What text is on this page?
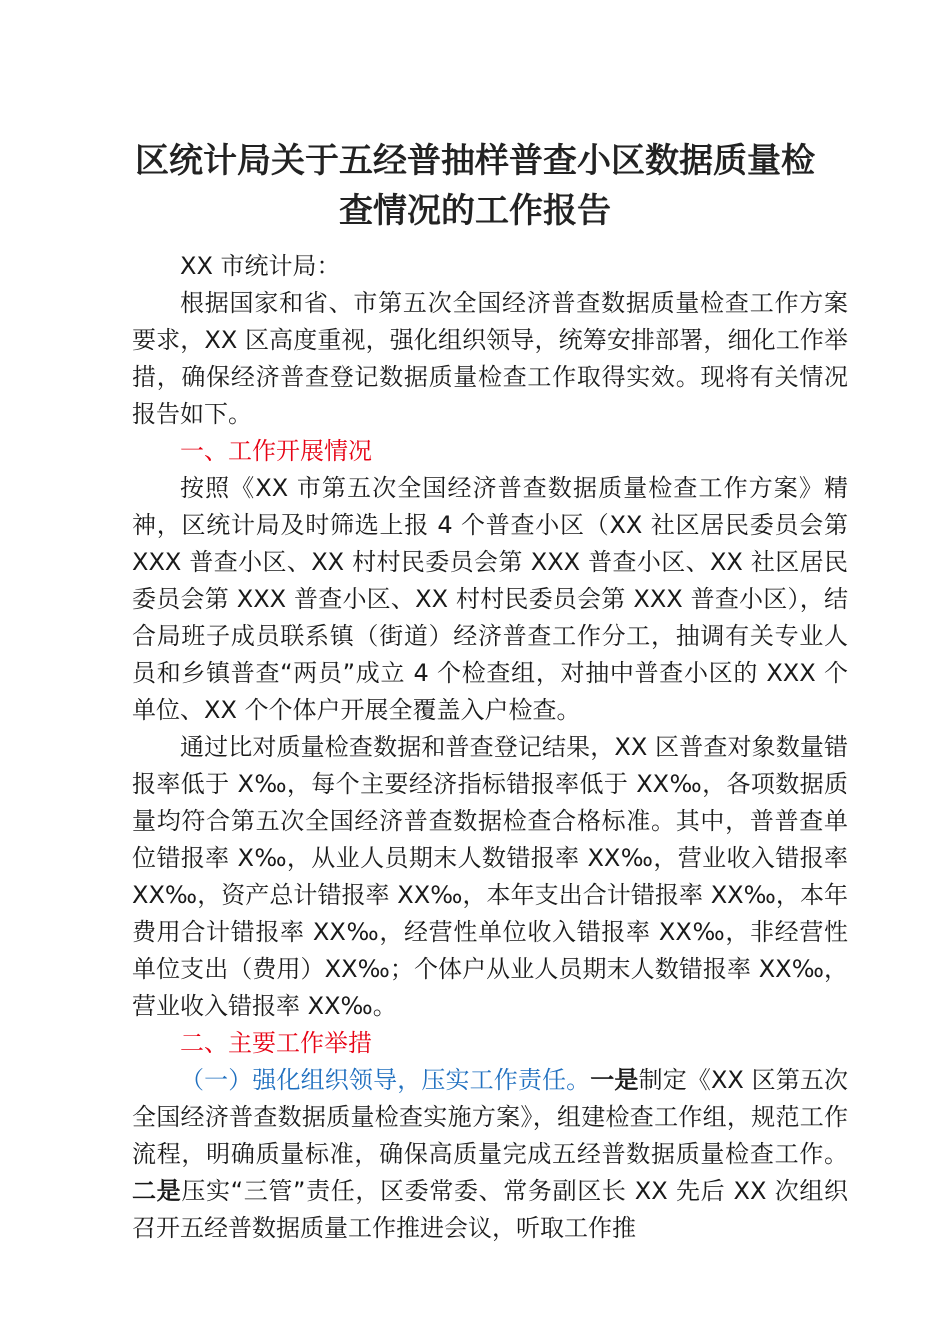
区统计局关于五经普抽样普查小区数据质量检
查情况的工作报告

XX 市统计局：

根据国家和省、市第五次全国经济普查数据质量检查工作方案要求，XX 区高度重视，强化组织领导，统筹安排部署，细化工作举措，确保经济普查登记数据质量检查工作取得实效。现将有关情况报告如下。

一、工作开展情况

按照《XX 市第五次全国经济普查数据质量检查工作方案》精神，区统计局及时筛选上报 4 个普查小区（XX 社区居民委员会第 XXX 普查小区、XX 村村民委员会第 XXX 普查小区、XX 社区居民委员会第 XXX 普查小区、XX 村村民委员会第 XXX 普查小区），结合局班子成员联系镇（街道）经济普查工作分工，抽调有关专业人员和乡镇普查“两员”成立 4 个检查组，对抽中普查小区的 XXX 个单位、XX 个个体户开展全覆盖入户检查。

通过比对质量检查数据和普查登记结果，XX 区普查对象数量错报率低于 X‰，每个主要经济指标错报率低于 XX‰，各项数据质量均符合第五次全国经济普查数据检查合格标准。其中，普普查单位错报率 X‰，从业人员期末人数错报率 XX‰，营业收入错报率 XX‰，资产总计错报率 XX‰，本年支出合计错报率 XX‰，本年费用合计错报率 XX‰，经营性单位收入错报率 XX‰，非经营性单位支出（费用）XX‰；个体户从业人员期末人数错报率 XX‰，营业收入错报率 XX‰。

二、主要工作举措

（一）强化组织领导，压实工作责任。一是制定《XX 区第五次全国经济普查数据质量检查实施方案》，组建检查工作组，规范工作流程，明确质量标准，确保高质量完成五经普数据质量检查工作。二是压实“三管”责任，区委常委、常务副区长 XX 先后 XX 次组织召开五经普数据质量工作推进会议，听取工作推
